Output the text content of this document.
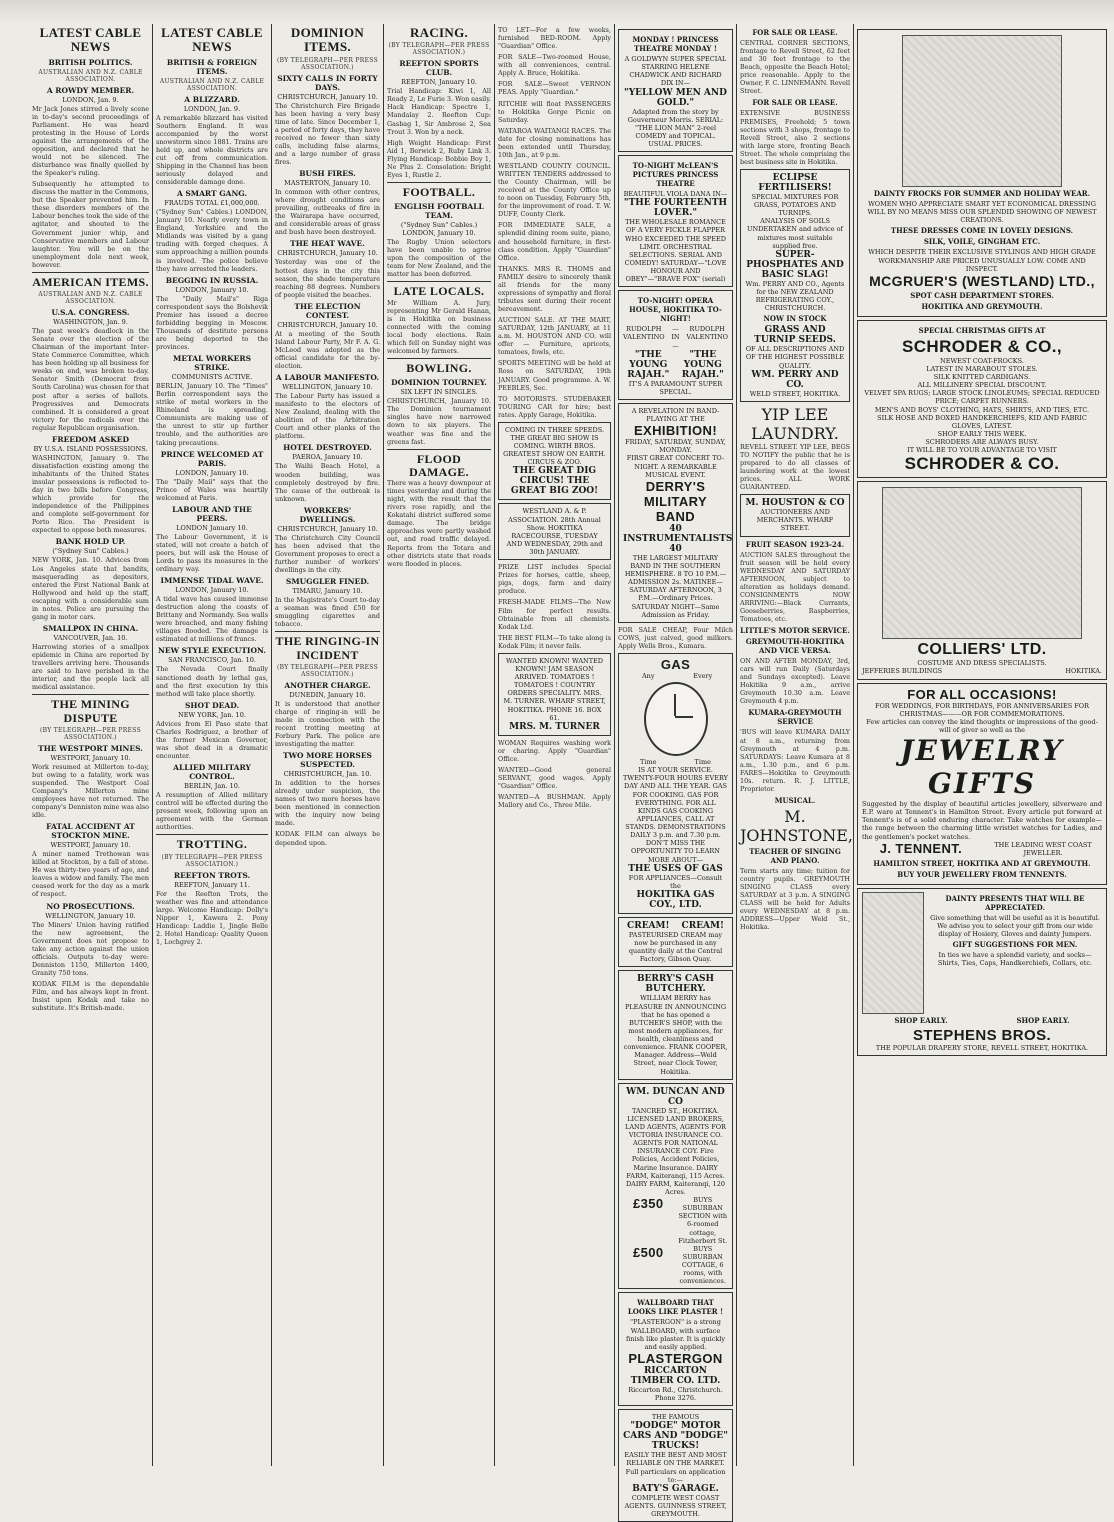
LATEST CABLE NEWS
BRITISH POLITICS.
AUSTRALIAN AND N.Z. CABLE ASSOCIATION.
A ROWDY MEMBER.
LONDON, Jan. 9.

Mr Jack Jones stirred a lively scene in to-day's second proceedings of Parliament. He was heard protesting in the House of Lords against the arrangements of the opposition, and declared that he would not be silenced. The disturbance was finally quelled by the Speaker's ruling.

Subsequently he attempted to discuss the matter in the Commons, but the Speaker prevented him. In these disorders members of the Labour benches took the side of the agitator, and shouted to the Government junior whip, and Conservative members and Labour laughter. You will be on the unemployment dole next week, however.

AMERICAN ITEMS.
AUSTRALIAN AND N.Z. CABLE ASSOCIATION.
U.S.A. CONGRESS.
WASHINGTON, Jan. 9.

The past week's deadlock in the Senate over the election of the Chairman of the important Inter-State Commerce Committee, which has been holding up all business for weeks on end, was broken to-day. Senator Smith (Democrat from South Carolina) was chosen for that post after a series of ballots. Progressives and Democrats combined. It is considered a great victory for the radicals over the regular Republican organisation.

FREEDOM ASKED
BY U.S.A. ISLAND POSSESSIONS.

WASHINGTON, January 9. The dissatisfaction existing among the inhabitants of the United States insular possessions is reflected to-day in two bills before Congress, which provide for the independence of the Philippines and complete self-government for Porto Rico. The President is expected to oppose both measures.

BANK HOLD UP.
("Sydney Sun" Cables.)

NEW YORK, Jan. 10. Advices from Los Angeles state that bandits, masquerading as depositors, entered the First National Bank at Hollywood and held up the staff, escaping with a considerable sum in notes. Police are pursuing the gang in motor cars.

SMALLPOX IN CHINA.
VANCOUVER, Jan. 10.

Harrowing stories of a smallpox epidemic in China are reported by travellers arriving here. Thousands are said to have perished in the interior, and the people lack all medical assistance.

THE MINING DISPUTE
(BY TELEGRAPH—PER PRESS ASSOCIATION.)
THE WESTPORT MINES.
WESTPORT, January 10.

Work resumed at Millerton to-day, but owing to a fatality, work was suspended. The Westport Coal Company's Millerton mine employees have not returned. The company's Denniston mine was also idle.

FATAL ACCIDENT AT STOCKTON MINE.
WESTPORT, January 10.

A miner named Trethowan was killed at Stockton, by a fall of stone. He was thirty-two years of age, and leaves a widow and family. The men ceased work for the day as a mark of respect.

NO PROSECUTIONS.
WELLINGTON, January 10.

The Miners' Union having ratified the new agreement, the Government does not propose to take any action against the union officials. Outputs to-day were: Denniston 1150, Millerton 1400, Granity 750 tons.

KODAK FILM is the dependable Film, and has always kept in front. Insist upon Kodak and take no substitute. It's British-made.

LATEST CABLE NEWS
BRITISH & FOREIGN ITEMS.
AUSTRALIAN AND N.Z. CABLE ASSOCIATION.
A BLIZZARD.
LONDON, Jan. 9.

A remarkable blizzard has visited Southern England. It was accompanied by the worst snowstorm since 1881. Trains are held up, and whole districts are cut off from communication. Shipping in the Channel has been seriously delayed and considerable damage done.

A SMART GANG.
FRAUDS TOTAL £1,000,000.

("Sydney Sun" Cables.) LONDON, January 10. Nearly every town in England, Yorkshire and the Midlands was visited by a gang trading with forged cheques. A sum approaching a million pounds is involved. The police believe they have arrested the leaders.

BEGGING IN RUSSIA.
LONDON, January 10.

The "Daily Mail's" Riga correspondent says the Bolshevik Premier has issued a decree forbidding begging in Moscow. Thousands of destitute persons are being deported to the provinces.

METAL WORKERS STRIKE.
COMMUNISTS ACTIVE.

BERLIN, January 10. The "Times" Berlin correspondent says the strike of metal workers in the Rhineland is spreading. Communists are making use of the unrest to stir up further trouble, and the authorities are taking precautions.

PRINCE WELCOMED AT PARIS.
LONDON, January 10.

The "Daily Mail" says that the Prince of Wales was heartily welcomed at Paris.

LABOUR AND THE PEERS.
LONDON January 10.

The Labour Government, it is stated, will not create a batch of peers, but will ask the House of Lords to pass its measures in the ordinary way.

IMMENSE TIDAL WAVE.
LONDON, January 10.

A tidal wave has caused immense destruction along the coasts of Brittany and Normandy. Sea walls were breached, and many fishing villages flooded. The damage is estimated at millions of francs.

NEW STYLE EXECUTION.
SAN FRANCISCO, Jan. 10.

The Nevada Court finally sanctioned death by lethal gas, and the first execution by this method will take place shortly.

SHOT DEAD.
NEW YORK, Jan. 10.

Advices from El Paso state that Charles Rodriguez, a brother of the former Mexican Governor, was shot dead in a dramatic encounter.

ALLIED MILITARY CONTROL.
BERLIN, Jan. 10.

A resumption of Allied military control will be effected during the present week, following upon an agreement with the German authorities.

TROTTING.
(BY TELEGRAPH—PER PRESS ASSOCIATION.)
REEFTON TROTS.
REEFTON, January 11.

For the Reefton Trots, the weather was fine and attendance large. Welcome Handicap: Dolly's Nipper 1, Kawera 2. Pony Handicap: Laddie 1, Jingle Belle 2. Hotel Handicap: Quality Queen 1, Lochgrey 2.

DOMINION ITEMS.
(BY TELEGRAPH—PER PRESS ASSOCIATION.)
SIXTY CALLS IN FORTY DAYS.
CHRISTCHURCH, January 10.

The Christchurch Fire Brigade has been having a very busy time of late. Since December 1, a period of forty days, they have received no fewer than sixty calls, including false alarms, and a large number of grass fires.

BUSH FIRES.
MASTERTON, January 10.

In common with other centres, where drought conditions are prevailing, outbreaks of fire in the Wairarapa have occurred, and considerable areas of grass and bush have been destroyed.

THE HEAT WAVE.
CHRISTCHURCH, January 10.

Yesterday was one of the hottest days in the city this season, the shade temperature reaching 88 degrees. Numbers of people visited the beaches.

THE ELECTION CONTEST.
CHRISTCHURCH, January 10.

At a meeting of the South Island Labour Party, Mr F. A. G. McLeod was adopted as the official candidate for the by-election.

A LABOUR MANIFESTO.
WELLINGTON, January 10.

The Labour Party has issued a manifesto to the electors of New Zealand, dealing with the abolition of the Arbitration Court and other planks of the platform.

HOTEL DESTROYED.
PAEROA, January 10.

The Waihi Beach Hotel, a wooden building, was completely destroyed by fire. The cause of the outbreak is unknown.

WORKERS' DWELLINGS.
CHRISTCHURCH, January 10.

The Christchurch City Council has been advised that the Government proposes to erect a further number of workers' dwellings in the city.

SMUGGLER FINED.
TIMARU, January 10.

In the Magistrate's Court to-day a seaman was fined £50 for smuggling cigarettes and tobacco.

THE RINGING-IN INCIDENT
(BY TELEGRAPH—PER PRESS ASSOCIATION.)
ANOTHER CHARGE.
DUNEDIN, January 10.

It is understood that another charge of ringing-in will be made in connection with the recent trotting meeting at Forbury Park. The police are investigating the matter.

TWO MORE HORSES SUSPECTED.
CHRISTCHURCH, Jan. 10.

In addition to the horses already under suspicion, the names of two more horses have been mentioned in connection with the inquiry now being made.

KODAK FILM can always be depended upon.

RACING.
(BY TELEGRAPH—PER PRESS ASSOCIATION.)
REEFTON SPORTS CLUB.
REEFTON, January 10.

Trial Handicap: Kiwi 1, All Ready 2, Le Furie 3. Won easily. Hack Handicap: Spectre 1, Mandalay 2. Reefton Cup: Gasbag 1, Sir Ambrose 2, Sea Trout 3. Won by a neck.

High Weight Handicap: First Aid 1, Berwick 2, Ruby Link 3. Flying Handicap: Bobbie Boy 1, Ne Plus 2. Consolation: Bright Eyes 1, Rustle 2.

FOOTBALL.
ENGLISH FOOTBALL TEAM.
("Sydney Sun" Cables.) LONDON, January 10.

The Rugby Union selectors have been unable to agree upon the composition of the team for New Zealand, and the matter has been deferred.

LATE LOCALS.

Mr William A. Jury, representing Mr Gerald Hanan, is in Hokitika on business connected with the coming local body elections. Rain which fell on Sunday night was welcomed by farmers.

BOWLING.
DOMINION TOURNEY.
SIX LEFT IN SINGLES.

CHRISTCHURCH, January 10. The Dominion tournament singles have now narrowed down to six players. The weather was fine and the greens fast.

FLOOD DAMAGE.

There was a heavy downpour at times yesterday and during the night, with the result that the rivers rose rapidly, and the Kokatahi district suffered some damage. The bridge approaches were partly washed out, and road traffic delayed. Reports from the Totara and other districts state that roads were flooded in places.

TO LET—For a few weeks, furnished BED-ROOM. Apply "Guardian" Office.

FOR SALE—Two-roomed House, with all conveniences, central. Apply A. Bruce, Hokitika.

FOR SALE—Sweet VERNON PEAS. Apply "Guardian."

RITCHIE will float PASSENGERS to Hokitika Gorge Picnic on Saturday.

WATAROA WAITANGI RACES. The date for closing nominations has been extended until Thursday, 10th Jan., at 9 p.m.

WESTLAND COUNTY COUNCIL. WRITTEN TENDERS addressed to the County Chairman, will be received at the County Office up to noon on Tuesday, February 5th, for the improvement of road. T. W. DUFF, County Clerk.

FOR IMMEDIATE SALE, a splendid dining room suite, piano, and household furniture, in first-class condition. Apply "Guardian" Office.

THANKS. MRS R. THOMS and FAMILY desire to sincerely thank all friends for the many expressions of sympathy and floral tributes sent during their recent bereavement.

AUCTION SALE. AT THE MART, SATURDAY, 12th JANUARY, at 11 a.m. M. HOUSTON AND CO. will offer — Furniture, apricots, tomatoes, fowls, etc.

SPORTS MEETING will be held at Ross on SATURDAY, 19th JANUARY. Good programme. A. W. PEEBLES, Sec.

TO MOTORISTS. STUDEBAKER TOURING CAR for hire; best rates. Apply Garage, Hokitika.

COMING IN THREE SPEEDS. THE GREAT BIG SHOW IS COMING. WIRTH BROS. GREATEST SHOW ON EARTH. CIRCUS & ZOO.
THE GREAT DIG CIRCUS! THE GREAT BIG ZOO!
WESTLAND A. & P. ASSOCIATION. 28th Annual Show. HOKITIKA RACECOURSE, TUESDAY AND WEDNESDAY, 29th and 30th JANUARY.

PRIZE LIST includes Special Prizes for horses, cattle, sheep, pigs, dogs, farm and dairy produce.

FRESH-MADE FILMS—The New Film for perfect results. Obtainable from all chemists. Kodak Ltd.

THE BEST FILM—To take along is Kodak Film; it never fails.

WANTED KNOWN! WANTED KNOWN! JAM SEASON ARRIVED. TOMATOES ! TOMATOES ! COUNTRY ORDERS SPECIALITY. MRS. M. TURNER. WHARF STREET, HOKITIKA. PHONE 16. BOX 61.
MRS. M. TURNER

WOMAN Requires washing work or charing. Apply "Guardian" Office.

WANTED—Good general SERVANT, good wages. Apply "Guardian" Office.

WANTED—A BUSHMAN. Apply Mallory and Co., Three Mile.

MONDAY ! PRINCESS THEATRE MONDAY !
A GOLDWYN SUPER SPECIAL STARRING HELENE CHADWICK AND RICHARD DIX IN—
"YELLOW MEN AND GOLD."
Adapted from the story by Gouverneur Morris. SERIAL: "THE LION MAN" 2-reel COMEDY and TOPICAL. USUAL PRICES.
TO-NIGHT McLEAN'S PICTURES PRINCESS THEATRE
BEAUTIFUL VIOLA DANA IN—
"THE FOURTEENTH LOVER."
THE WHOLESALE ROMANCE OF A VERY FICKLE FLAPPER WHO EXCEEDED THE SPEED LIMIT. ORCHESTRAL SELECTIONS. SERIAL AND COMEDY! SATURDAY—"LOVE HONOUR AND OBEY"—"BRAVE FOX" (serial)
TO-NIGHT! OPERA HOUSE, HOKITIKA TO-NIGHT!
RUDOLPH VALENTINO
—IN—
RUDOLPH VALENTINO
"THE YOUNG RAJAH."
"THE YOUNG RAJAH."
IT'S A PARAMOUNT SUPER SPECIAL.
A REVELATION IN BAND-PLAYING AT THE
EXHIBITION!
FRIDAY, SATURDAY, SUNDAY, MONDAY.
FIRST GREAT CONCERT TO-NIGHT. A REMARKABLE MUSICAL EVENT.
DERRY'S MILITARY BAND
40 INSTRUMENTALISTS 40
THE LARGEST MILITARY BAND IN THE SOUTHERN HEMISPHERE. 8 TO 10 P.M.—ADMISSION 2s. MATINEE—SATURDAY AFTERNOON, 3 P.M.—Ordinary Prices. SATURDAY NIGHT—Same Admission as Friday.

FOR SALE CHEAP, Four Milch COWS, just calved, good milkers. Apply Wells Bros., Kumara.

GAS
Any	Every
Time	Time
IS AT YOUR SERVICE. TWENTY-FOUR HOURS EVERY DAY AND ALL THE YEAR. GAS FOR COOKING. GAS FOR EVERYTHING. FOR ALL KINDS GAS COOKING APPLIANCES, CALL AT STANDS. DEMONSTRATIONS DAILY 3 p.m. and 7.30 p.m. DON'T MISS THE OPPORTUNITY TO LEARN MORE ABOUT—
THE USES OF GAS
FOR APPLIANCES—Consult the
HOKITIKA GAS COY., LTD.
CREAM!	CREAM!
PASTEURISED CREAM may now be purchased in any quantity daily at the Central Factory, Gibson Quay.
BERRY'S CASH BUTCHERY.
WILLIAM BERRY has PLEASURE IN ANNOUNCING that he has opened a BUTCHER'S SHOP, with the most modern appliances, for health, cleanliness and convenience. FRANK COOPER, Manager. Address—Weld Street, near Clock Tower, Hokitika.
WM. DUNCAN AND CO
TANCRED ST., HOKITIKA. LICENSED LAND BROKERS, LAND AGENTS, AGENTS FOR VICTORIA INSURANCE CO. AGENTS FOR NATIONAL INSURANCE COY. Fire Policies, Accident Policies, Marine Insurance. DAIRY FARM, Kaiteranqi, 115 Acres. DAIRY FARM, Kaiteranqi, 120 Acres.
£350	BUYS SUBURBAN SECTION with 6-roomed cottage, Fitzherbert St.
£500	BUYS SUBURBAN COTTAGE, 6 rooms, with conveniences.
WALLBOARD THAT LOOKS LIKE PLASTER !
"PLASTERGON" is a strong WALLBOARD, with surface finish like plaster. It is quickly and easily applied.
PLASTERGON
RICCARTON TIMBER CO. LTD.
Riccarton Rd., Christchurch. Phone 3276.
THE FAMOUS
"DODGE" MOTOR CARS AND "DODGE" TRUCKS!
EASILY THE BEST AND MOST RELIABLE ON THE MARKET. Full particulars on application to:—
BATY'S GARAGE.
COMPLETE WEST COAST AGENTS. GUINNESS STREET, GREYMOUTH.
FOR SALE OR LEASE.

CENTRAL CORNER SECTIONS, frontage to Revell Street, 62 feet and 30 feet frontage to the Beach, opposite the Beach Hotel; price reasonable. Apply to the Owner, F. C. LINNEMANN. Revell Street.

FOR SALE OR LEASE.

EXTENSIVE BUSINESS PREMISES, Freehold; 5 town sections with 3 shops, frontage to Revell Street, also 2 sections with large store, fronting Beach Street. The whole comprising the best business site in Hokitika.

ECLIPSE FERTILISERS!
SPECIAL MIXTURES FOR GRASS, POTATOES AND TURNIPS.
ANALYSIS OF SOILS UNDERTAKEN and advice of mixtures most suitable supplied free.
SUPER-PHOSPHATES AND BASIC SLAG!
Wm. PERRY AND CO., Agents for the NEW ZEALAND REFRIGERATING COY., CHRISTCHURCH.
NOW IN STOCK
GRASS AND TURNIP SEEDS.
OF ALL DESCRIPTIONS AND OF THE HIGHEST POSSIBLE QUALITY.
WM. PERRY AND CO.
WELD STREET, HOKITIKA.
YIP LEE LAUNDRY.

REVELL STREET. YIP LEE, BEGS TO NOTIFY the public that he is prepared to do all classes of laundering work at the lowest prices. ALL WORK GUARANTEED.

M. HOUSTON & CO
AUCTIONEERS AND MERCHANTS. WHARF STREET.
FRUIT SEASON 1923-24.

AUCTION SALES throughout the fruit season will be held every WEDNESDAY AND SATURDAY AFTERNOON, subject to alteration as holidays demand. CONSIGNMENTS NOW ARRIVING:—Black Currants, Gooseberries, Raspberries, Tomatoes, etc.

LITTLE'S MOTOR SERVICE.
GREYMOUTH-HOKITIKA AND VICE VERSA.

ON AND AFTER MONDAY, 3rd, cars will run Daily (Saturdays and Sundays excepted). Leave Hokitika 9 a.m., arrive Greymouth 10.30 a.m. Leave Greymouth 4 p.m.

KUMARA-GREYMOUTH SERVICE

'BUS will leave KUMARA DAILY at 8 a.m., returning from Greymouth at 4 p.m. SATURDAYS: Leave Kumara at 8 a.m., 1.30 p.m., and 6 p.m. FARES—Hokitika to Greymouth 10s. return. R. J. LITTLE, Proprietor.

MUSICAL.
M. JOHNSTONE,
TEACHER OF SINGING AND PIANO.

Term starts any time; tuition for country pupils. GREYMOUTH SINGING CLASS every SATURDAY at 3 p.m. A SINGING CLASS will be held for Adults every WEDNESDAY at 8 p.m. ADDRESS—Upper Weld St., Hokitika.

DAINTY FROCKS FOR SUMMER AND HOLIDAY WEAR.
WOMEN WHO APPRECIATE SMART YET ECONOMICAL DRESSING WILL BY NO MEANS MISS OUR SPLENDID SHOWING OF NEWEST CREATIONS.
THESE DRESSES COME IN LOVELY DESIGNS.
SILK, VOILE, GINGHAM ETC.
WHICH DESPITE THEIR EXCLUSIVE STYLINGS AND HIGH GRADE WORKMANSHIP ARE PRICED UNUSUALLY LOW. COME AND INSPECT.
MCGRUER'S (WESTLAND) LTD.,
SPOT CASH DEPARTMENT STORES.
HOKITIKA AND GREYMOUTH.
SPECIAL CHRISTMAS GIFTS AT
SCHRODER & CO.,
NEWEST COAT-FROCKS.
LATEST IN MARABOUT STOLES.
SILK KNITTED CARDIGANS.
ALL MILLINERY SPECIAL DISCOUNT.
VELVET SPA RUGS; LARGE STOCK LINOLEUMS; SPECIAL REDUCED PRICE; CARPET RUNNERS.
MEN'S AND BOYS' CLOTHING, HATS, SHIRTS, AND TIES, ETC.
SILK HOSE AND BOXED HANDKERCHIEFS, KID AND FABRIC GLOVES, LATEST.
SHOP EARLY THIS WEEK.
SCHRODERS ARE ALWAYS BUSY.
IT WILL BE TO YOUR ADVANTAGE TO VISIT
SCHRODER & CO.
COLLIERS' LTD.
COSTUME AND DRESS SPECIALISTS.
JEFFERIES BUILDINGS	HOKITIKA.
FOR ALL OCCASIONS!
FOR WEDDINGS, FOR BIRTHDAYS, FOR ANNIVERSARIES FOR CHRISTMAS———OR FOR COMMEMORATIONS.
Few articles can convey the kind thoughts or impressions of the good-will of giver so well as the
JEWELRY GIFTS
Suggested by the display of beautiful articles jewellery, silverware and E.P. ware at Tennent's in Hamilton Street. Every article put forward at Tennent's is of a solid enduring character. Take watches for example—the range between the charming little wristlet watches for Ladies, and the gentlemen's pocket watches.
J. TENNENT.	THE LEADING WEST COAST JEWELLER.
HAMILTON STREET, HOKITIKA AND AT GREYMOUTH.
BUY YOUR JEWELLERY FROM TENNENTS.
DAINTY PRESENTS THAT WILL BE APPRECIATED.
Give something that will be useful as it is beautiful. We advise you to select your gift from our wide display of Hosiery, Gloves and dainty Jumpers.
GIFT SUGGESTIONS FOR MEN.
In ties we have a splendid variety, and socks—Shirts, Ties, Caps, Handkerchiefs, Collars, etc.
SHOP EARLY.	SHOP EARLY.
STEPHENS BROS.
THE POPULAR DRAPERY STORE, REVELL STREET, HOKITIKA.
